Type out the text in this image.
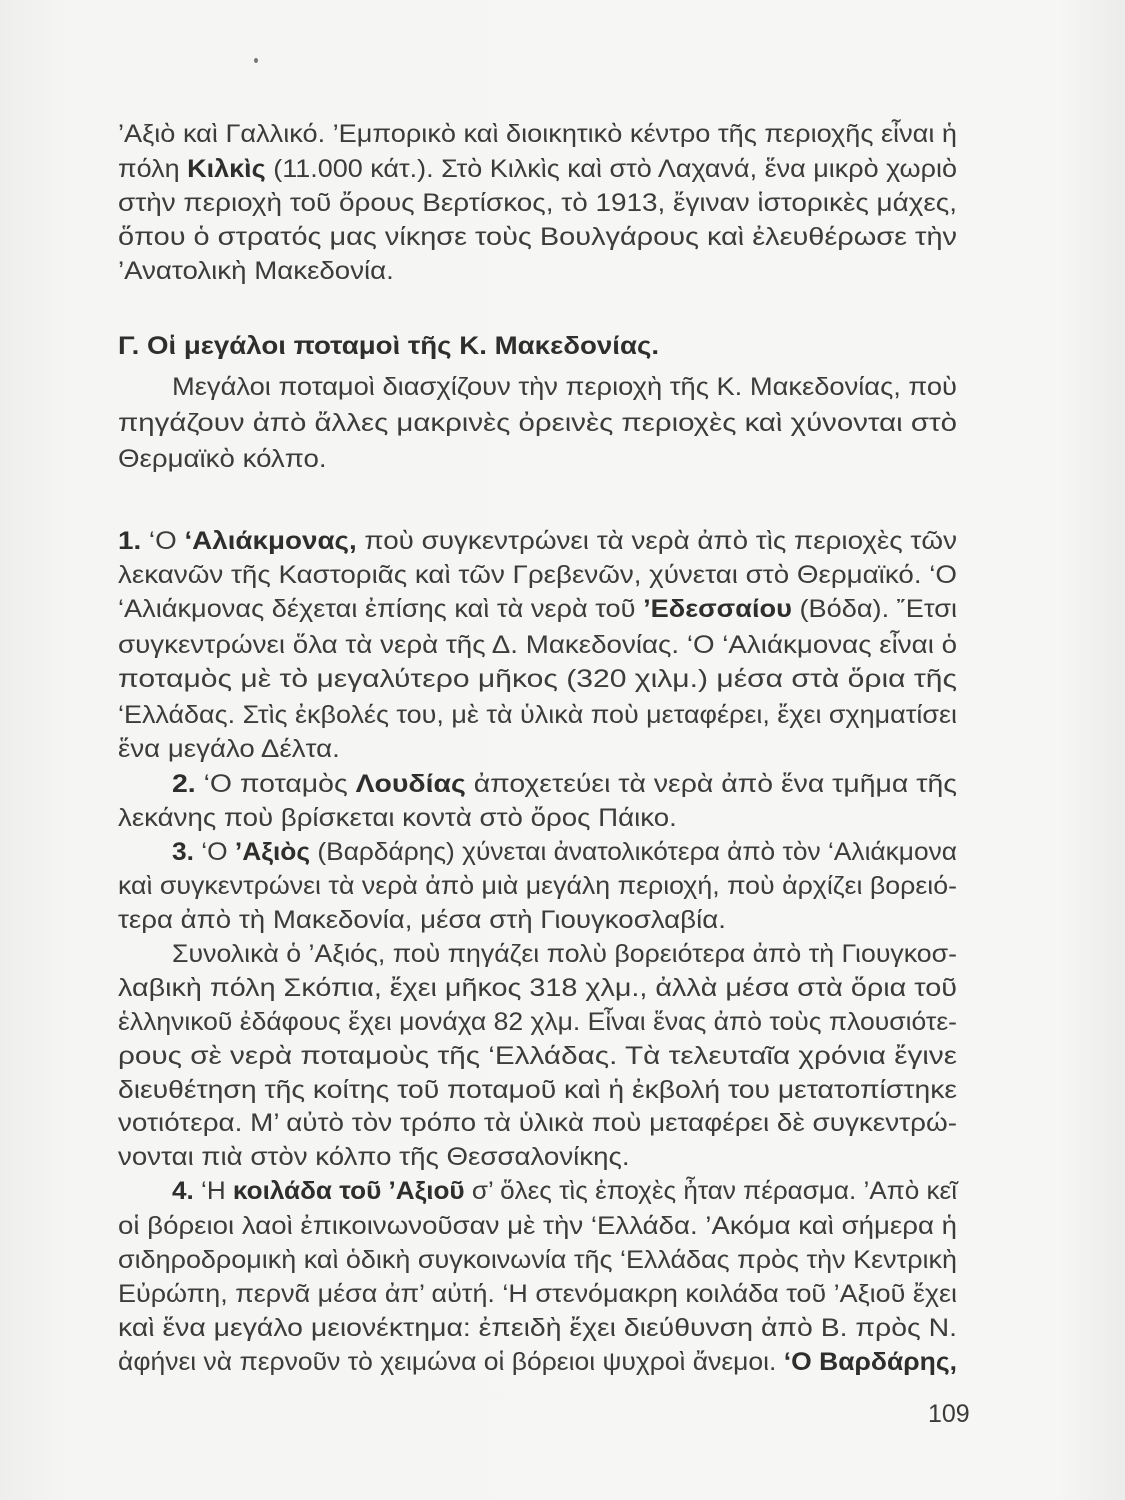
’Αξιὸ καὶ Γαλλικό. ’Εμπορικὸ καὶ διοικητικὸ κέντρο τῆς περιοχῆς εἶναι ἡ
πόλη Κιλκὶς (11.000 κάτ.). Στὸ Κιλκὶς καὶ στὸ Λαχανά, ἕνα μικρὸ χωριὸ
στὴν περιοχὴ τοῦ ὄρους Βερτίσκος, τὸ 1913, ἔγιναν ἱστορικὲς μάχες,
ὅπου ὁ στρατός μας νίκησε τοὺς Βουλγάρους καὶ ἐλευθέρωσε τὴν
’Ανατολικὴ Μακεδονία.
Γ. Οἱ μεγάλοι ποταμοὶ τῆς Κ. Μακεδονίας.
Μεγάλοι ποταμοὶ διασχίζουν τὴν περιοχὴ τῆς Κ. Μακεδονίας, ποὺ
πηγάζουν ἀπὸ ἄλλες μακρινὲς ὀρεινὲς περιοχὲς καὶ χύνονται στὸ
Θερμαϊκὸ κόλπο.
1. ‘Ο ‘Αλιάκμονας, ποὺ συγκεντρώνει τὰ νερὰ ἀπὸ τὶς περιοχὲς τῶν
λεκανῶν τῆς Καστοριᾶς καὶ τῶν Γρεβενῶν, χύνεται στὸ Θερμαϊκό. ‘Ο
‘Αλιάκμονας δέχεται ἐπίσης καὶ τὰ νερὰ τοῦ ’Εδεσσαίου (Βόδα). ῎Ετσι
συγκεντρώνει ὅλα τὰ νερὰ τῆς Δ. Μακεδονίας. ‘Ο ‘Αλιάκμονας εἶναι ὁ
ποταμὸς μὲ τὸ μεγαλύτερο μῆκος (320 χιλμ.) μέσα στὰ ὅρια τῆς
‘Ελλάδας. Στὶς ἐκβολές του, μὲ τὰ ὑλικὰ ποὺ μεταφέρει, ἔχει σχηματίσει
ἕνα μεγάλο Δέλτα.
2. ‘Ο ποταμὸς Λουδίας ἀποχετεύει τὰ νερὰ ἀπὸ ἕνα τμῆμα τῆς
λεκάνης ποὺ βρίσκεται κοντὰ στὸ ὄρος Πάικο.
3. ‘Ο ’Αξιὸς (Βαρδάρης) χύνεται ἀνατολικότερα ἀπὸ τὸν ‘Αλιάκμονα
καὶ συγκεντρώνει τὰ νερὰ ἀπὸ μιὰ μεγάλη περιοχή, ποὺ ἀρχίζει βορειό-
τερα ἀπὸ τὴ Μακεδονία, μέσα στὴ Γιουγκοσλαβία.
Συνολικὰ ὁ ’Αξιός, ποὺ πηγάζει πολὺ βορειότερα ἀπὸ τὴ Γιουγκοσ-
λαβικὴ πόλη Σκόπια, ἔχει μῆκος 318 χλμ., ἀλλὰ μέσα στὰ ὅρια τοῦ
ἑλληνικοῦ ἐδάφους ἔχει μονάχα 82 χλμ. Εἶναι ἕνας ἀπὸ τοὺς πλουσιότε-
ρους σὲ νερὰ ποταμοὺς τῆς ‘Ελλάδας. Τὰ τελευταῖα χρόνια ἔγινε
διευθέτηση τῆς κοίτης τοῦ ποταμοῦ καὶ ἡ ἐκβολή του μετατοπίστηκε
νοτιότερα. Μ’ αὐτὸ τὸν τρόπο τὰ ὑλικὰ ποὺ μεταφέρει δὲ συγκεντρώ-
νονται πιὰ στὸν κόλπο τῆς Θεσσαλονίκης.
4. ‘Η κοιλάδα τοῦ ’Αξιοῦ σ’ ὅλες τὶς ἐποχὲς ἦταν πέρασμα. ’Απὸ κεῖ
οἱ βόρειοι λαοὶ ἐπικοινωνοῦσαν μὲ τὴν ‘Ελλάδα. ’Ακόμα καὶ σήμερα ἡ
σιδηροδρομικὴ καὶ ὁδικὴ συγκοινωνία τῆς ‘Ελλάδας πρὸς τὴν Κεντρικὴ
Εὐρώπη, περνᾶ μέσα ἀπ’ αὐτή. ‘Η στενόμακρη κοιλάδα τοῦ ’Αξιοῦ ἔχει
καὶ ἕνα μεγάλο μειονέκτημα: ἐπειδὴ ἔχει διεύθυνση ἀπὸ Β. πρὸς Ν.
ἀφήνει νὰ περνοῦν τὸ χειμώνα οἱ βόρειοι ψυχροὶ ἄνεμοι. ‘Ο Βαρδάρης,
109
